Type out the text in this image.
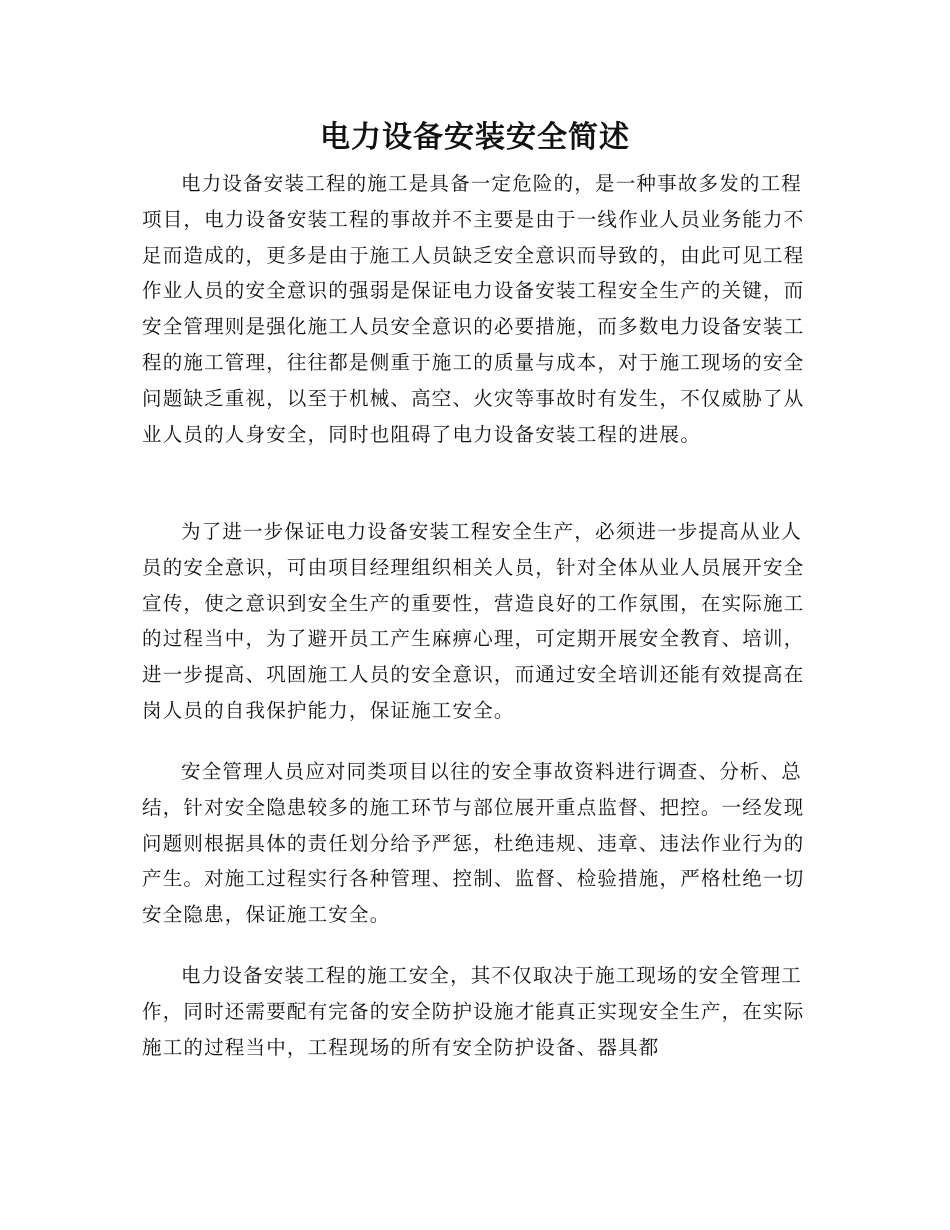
电力设备安装安全简述

电力设备安装工程的施工是具备一定危险的，是一种事故多发的工程项目，电力设备安装工程的事故并不主要是由于一线作业人员业务能力不足而造成的，更多是由于施工人员缺乏安全意识而导致的，由此可见工程作业人员的安全意识的强弱是保证电力设备安装工程安全生产的关键，而安全管理则是强化施工人员安全意识的必要措施，而多数电力设备安装工程的施工管理，往往都是侧重于施工的质量与成本，对于施工现场的安全问题缺乏重视，以至于机械、高空、火灾等事故时有发生，不仅威胁了从业人员的人身安全，同时也阻碍了电力设备安装工程的进展。

为了进一步保证电力设备安装工程安全生产，必须进一步提高从业人员的安全意识，可由项目经理组织相关人员，针对全体从业人员展开安全宣传，使之意识到安全生产的重要性，营造良好的工作氛围，在实际施工的过程当中，为了避开员工产生麻痹心理，可定期开展安全教育、培训，进一步提高、巩固施工人员的安全意识，而通过安全培训还能有效提高在岗人员的自我保护能力，保证施工安全。

安全管理人员应对同类项目以往的安全事故资料进行调查、分析、总结，针对安全隐患较多的施工环节与部位展开重点监督、把控。一经发现问题则根据具体的责任划分给予严惩，杜绝违规、违章、违法作业行为的产生。对施工过程实行各种管理、控制、监督、检验措施，严格杜绝一切安全隐患，保证施工安全。

电力设备安装工程的施工安全，其不仅取决于施工现场的安全管理工作，同时还需要配有完备的安全防护设施才能真正实现安全生产，在实际施工的过程当中，工程现场的所有安全防护设备、器具都
